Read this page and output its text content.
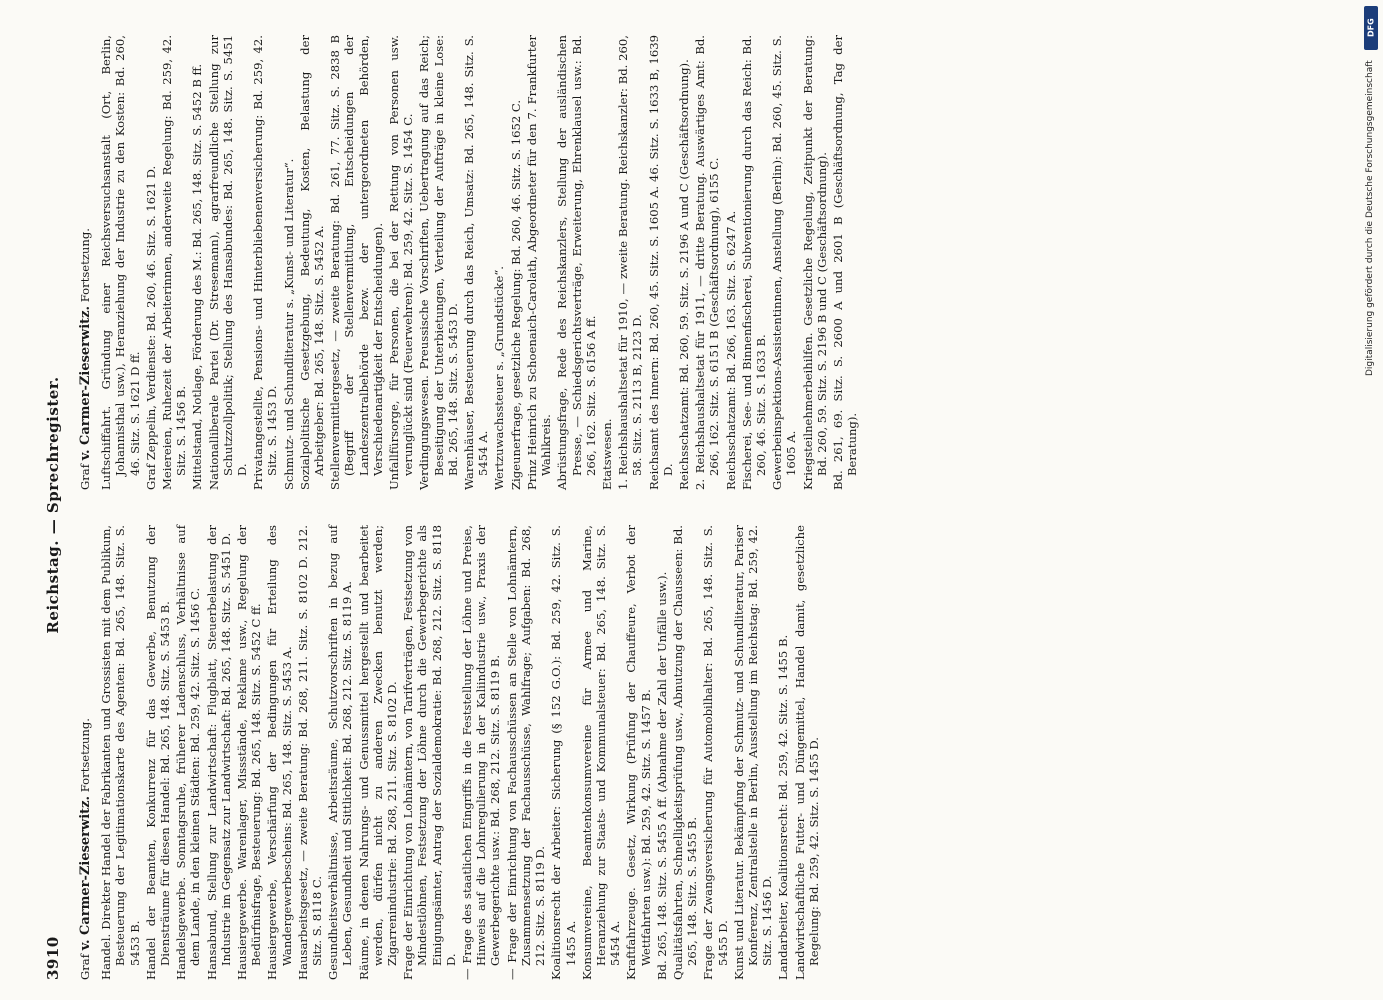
3910
Reichstag. — Sprechregister.
Graf v. Carmer-Zieserwitz. Fortsetzung. Handel. Direkter Handel der Fabrikanten und Grossisten mit dem Publikum, Besteuerung der Legitimationskarte des Agenten: Bd. 265, 148. Sitz. S. 5453 B. Handel der Beamten, Konkurrenz für das Gewerbe, Benutzung der Diensträume für diesen Handel: Bd. 265, 148. Sitz. S. 5453 B. Handelsgewerbe. Sonntagsruhe, früherer Ladenschluss, Verhältnisse auf dem Lande, in den kleinen Städten: Bd. 259, 42. Sitz. S. 1456 C. Hansabund, Stellung zur Landwirtschaft: Flugblatt, Steuerbelastung der Industrie im Gegensatz zur Landwirtschaft: Bd. 265, 148. Sitz. S. 5451 D. Hausiergewerbe. Warenlager, Missstände, Reklame usw., Regelung der Bedürfnisfrage, Besteuerung: Bd. 265, 148. Sitz. S. 5452 C ff. Hausiergewerbe, Verschärfung der Bedingungen für Erteilung des Wandergewerbescheins: Bd. 265, 148. Sitz. S. 5453 A. Hausarbeitsgesetz, — zweite Beratung: Bd. 268, 211. Sitz. S. 8102 D. 212. Sitz. S. 8118 C. Gesundheitsverhältnisse, Arbeitsräume, Schutzvorschriften in bezug auf Leben, Gesundheit und Sittlichkeit: Bd. 268, 212. Sitz. S. 8119 A. Räume, in denen Nahrungs- und Genussmittel hergestellt und bearbeitet werden, dürfen nicht zu anderen Zwecken benutzt werden; Zigarrenindustrie: Bd. 268, 211. Sitz. S. 8102 D. Frage der Einrichtung von Lohnämtern, von Tarifverträgen, Festsetzung von Mindestlöhnen, Festsetzung der Löhne durch die Gewerbegerichte als Einigungsämter, Antrag der Sozialdemokratie: Bd. 268, 212. Sitz. S. 8118 D. — Frage des staatlichen Eingriffs in die Feststellung der Löhne und Preise, Hinweis auf die Lohnregulierung in der Kaliindustrie usw., Praxis der Gewerbegerichte usw.: Bd. 268, 212. Sitz. S. 8119 B. — Frage der Einrichtung von Fachausschüssen an Stelle von Lohnämtern, Zusammensetzung der Fachausschüsse, Wahlfrage; Aufgaben: Bd. 268, 212. Sitz. S. 8119 D. Koalitionsrecht der Arbeiter: Sicherung (§ 152 G.O.): Bd. 259, 42. Sitz. S. 1455 A. Konsumvereine, Beamtenkonsumvereine für Armee und Marine, Heranziehung zur Staats- und Kommunalsteuer: Bd. 265, 148. Sitz. S. 5454 A. Kraftfahrzeuge. Gesetz, Wirkung (Prüfung der Chauffeure, Verbot der Wettfahrten usw.): Bd. 259, 42. Sitz. S. 1457 B. Bd. 265, 148. Sitz. S. 5455 A ff. (Abnahme der Zahl der Unfälle usw.). Qualitätsfahrten, Schnelligkeitsprüfung usw., Abnutzung der Chausseen: Bd. 265, 148. Sitz. S. 5455 B. Frage der Zwangsversicherung für Automobilhalter: Bd. 265, 148. Sitz. S. 5455 D. Kunst und Literatur. Bekämpfung der Schmutz- und Schundliteratur, Pariser Konferenz, Zentralstelle in Berlin, Ausstellung im Reichstag: Bd. 259, 42. Sitz. S. 1456 D. Landarbeiter, Koalitionsrecht: Bd. 259, 42. Sitz. S. 1455 B. Landwirtschaftliche Futter- und Düngemittel, Handel damit, gesetzliche Regelung: Bd. 259, 42. Sitz. S. 1455 D.

Graf v. Carmer-Zieserwitz. Fortsetzung. Luftschiffahrt. Gründung einer Reichsversuchsanstalt (Ort, Berlin, Johannisthal usw.), Heranziehung der Industrie zu den Kosten: Bd. 260, 46. Sitz. S. 1621 D ff. Graf Zeppelin, Verdienste: Bd. 260, 46. Sitz. S. 1621 D. Meiereien, Ruhezeit der Arbeiterinnen, anderweite Regelung: Bd. 259, 42. Sitz. S. 1456 B. Mittelstand, Notlage, Förderung des M.: Bd. 265, 148. Sitz. S. 5452 B ff. Nationalliberale Partei (Dr. Stresemann), agrarfreundliche Stellung zur Schutzzollpolitik; Stellung des Hansabundes: Bd. 265, 148. Sitz. S. 5451 D. Privatangestellte, Pensions- und Hinterbliebenenversicherung: Bd. 259, 42. Sitz. S. 1453 D. Schmutz- und Schundliteratur s. „Kunst- und Literatur“. Sozialpolitische Gesetzgebung, Bedeutung, Kosten, Belastung der Arbeitgeber: Bd. 265, 148. Sitz. S. 5452 A. Stellenvermittlergesetz, — zweite Beratung: Bd. 261, 77. Sitz. S. 2838 B (Begriff der Stellenvermittlung, Entscheidungen der Landeszentralbehörde bezw. der untergeordneten Behörden, Verschiedenartigkeit der Entscheidungen). Unfallfürsorge, für Personen, die bei der Rettung von Personen usw. verunglückt sind (Feuerwehren): Bd. 259, 42. Sitz. S. 1454 C. Verdingungswesen. Preussische Vorschriften, Uebertragung auf das Reich; Beseitigung der Unterbietungen, Verteilung der Aufträge in kleine Lose: Bd. 265, 148. Sitz. S. 5453 D. Warenhäuser, Besteuerung durch das Reich, Umsatz: Bd. 265, 148. Sitz. S. 5454 A. Wertzuwachssteuer s. „Grundstücke“. Zigeunerfrage, gesetzliche Regelung: Bd. 260, 46. Sitz. S. 1652 C. Prinz Heinrich zu Schoenaich-Carolath, Abgeordneter für den 7. Frankfurter Wahlkreis. Abrüstungsfrage, Rede des Reichskanzlers, Stellung der ausländischen Presse, — Schiedsgerichtsverträge, Erweiterung, Ehrenklausel usw.: Bd. 266, 162. Sitz. S. 6156 A ff. Etatswesen. 1. Reichshaushaltsetat für 1910, — zweite Beratung. Reichskanzler: Bd. 260, 58. Sitz. S. 2113 B, 2123 D. Reichsamt des Innern: Bd. 260, 45. Sitz. S. 1605 A. 46. Sitz. S. 1633 B, 1639 D. Reichsschatzamt: Bd. 260, 59. Sitz. S. 2196 A und C (Geschäftsordnung). 2. Reichshaushaltsetat für 1911, — dritte Beratung. Auswärtiges Amt: Bd. 266, 162. Sitz. S. 6151 B (Geschäftsordnung), 6155 C. Reichsschatzamt: Bd. 266, 163. Sitz. S. 6247 A. Fischerei, See- und Binnenfischerei, Subventionierung durch das Reich: Bd. 260, 46. Sitz. S. 1633 B. Gewerbeinspektions-Assistentinnen, Anstellung (Berlin): Bd. 260, 45. Sitz. S. 1605 A. Kriegsteilnehmerbeihilfen. Gesetzliche Regelung, Zeitpunkt der Beratung: Bd. 260, 59. Sitz. S. 2196 B und C (Geschäftsordnung). Bd. 261, 69. Sitz. S. 2600 A und 2601 B (Geschäftsordnung, Tag der Beratung).

DFG
Digitalisierung gefördert durch die Deutsche Forschungsgemeinschaft
